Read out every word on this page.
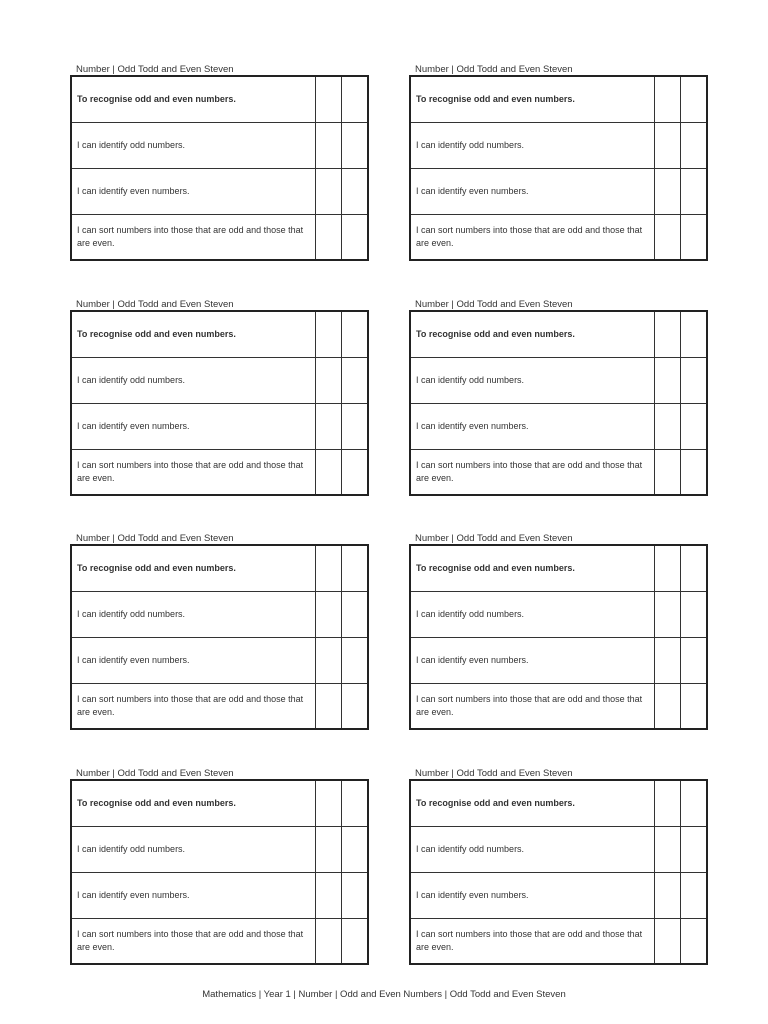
Number | Odd Todd and Even Steven
To recognise odd and even numbers.		
I can identify odd numbers.		
I can identify even numbers.		
I can sort numbers into those that are odd and those that are even.		
Number | Odd Todd and Even Steven
To recognise odd and even numbers.		
I can identify odd numbers.		
I can identify even numbers.		
I can sort numbers into those that are odd and those that are even.		
Number | Odd Todd and Even Steven
To recognise odd and even numbers.		
I can identify odd numbers.		
I can identify even numbers.		
I can sort numbers into those that are odd and those that are even.		
Number | Odd Todd and Even Steven
To recognise odd and even numbers.		
I can identify odd numbers.		
I can identify even numbers.		
I can sort numbers into those that are odd and those that are even.		
Number | Odd Todd and Even Steven
To recognise odd and even numbers.		
I can identify odd numbers.		
I can identify even numbers.		
I can sort numbers into those that are odd and those that are even.		
Number | Odd Todd and Even Steven
To recognise odd and even numbers.		
I can identify odd numbers.		
I can identify even numbers.		
I can sort numbers into those that are odd and those that are even.		
Number | Odd Todd and Even Steven
To recognise odd and even numbers.		
I can identify odd numbers.		
I can identify even numbers.		
I can sort numbers into those that are odd and those that are even.		
Number | Odd Todd and Even Steven
To recognise odd and even numbers.		
I can identify odd numbers.		
I can identify even numbers.		
I can sort numbers into those that are odd and those that are even.		
Mathematics | Year 1 | Number | Odd and Even Numbers | Odd Todd and Even Steven
